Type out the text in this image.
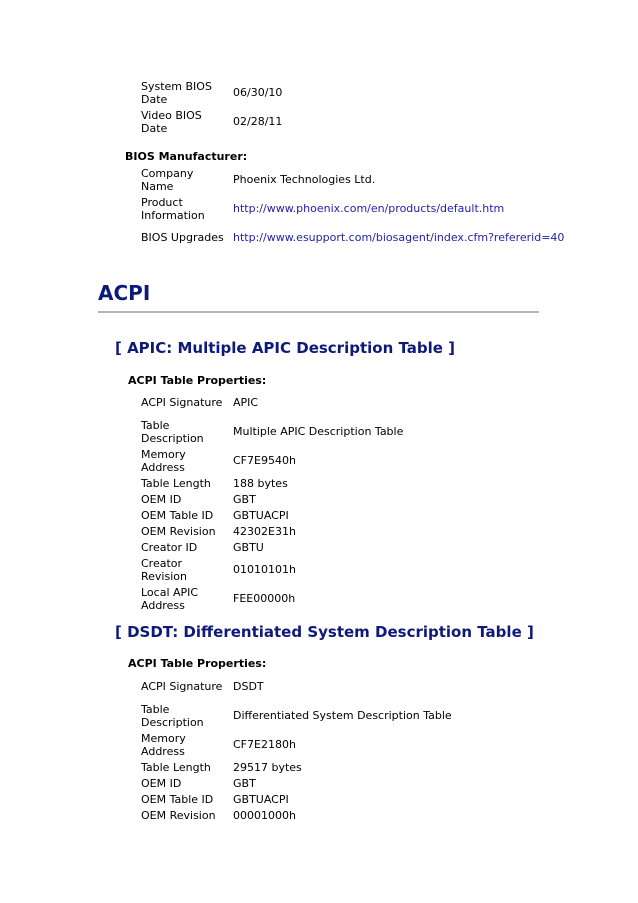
System BIOS Date	06/30/10
Video BIOS Date	02/28/11
BIOS Manufacturer:
Company Name	Phoenix Technologies Ltd.
Product Information	http://www.phoenix.com/en/products/default.htm
BIOS Upgrades	http://www.esupport.com/biosagent/index.cfm?refererid=40
ACPI
[ APIC: Multiple APIC Description Table ]
ACPI Table Properties:
ACPI Signature	APIC
Table Description	Multiple APIC Description Table
Memory Address	CF7E9540h
Table Length	188 bytes
OEM ID	GBT
OEM Table ID	GBTUACPI
OEM Revision	42302E31h
Creator ID	GBTU
Creator Revision	01010101h
Local APIC Address	FEE00000h
[ DSDT: Differentiated System Description Table ]
ACPI Table Properties:
ACPI Signature	DSDT
Table Description	Differentiated System Description Table
Memory Address	CF7E2180h
Table Length	29517 bytes
OEM ID	GBT
OEM Table ID	GBTUACPI
OEM Revision	00001000h
